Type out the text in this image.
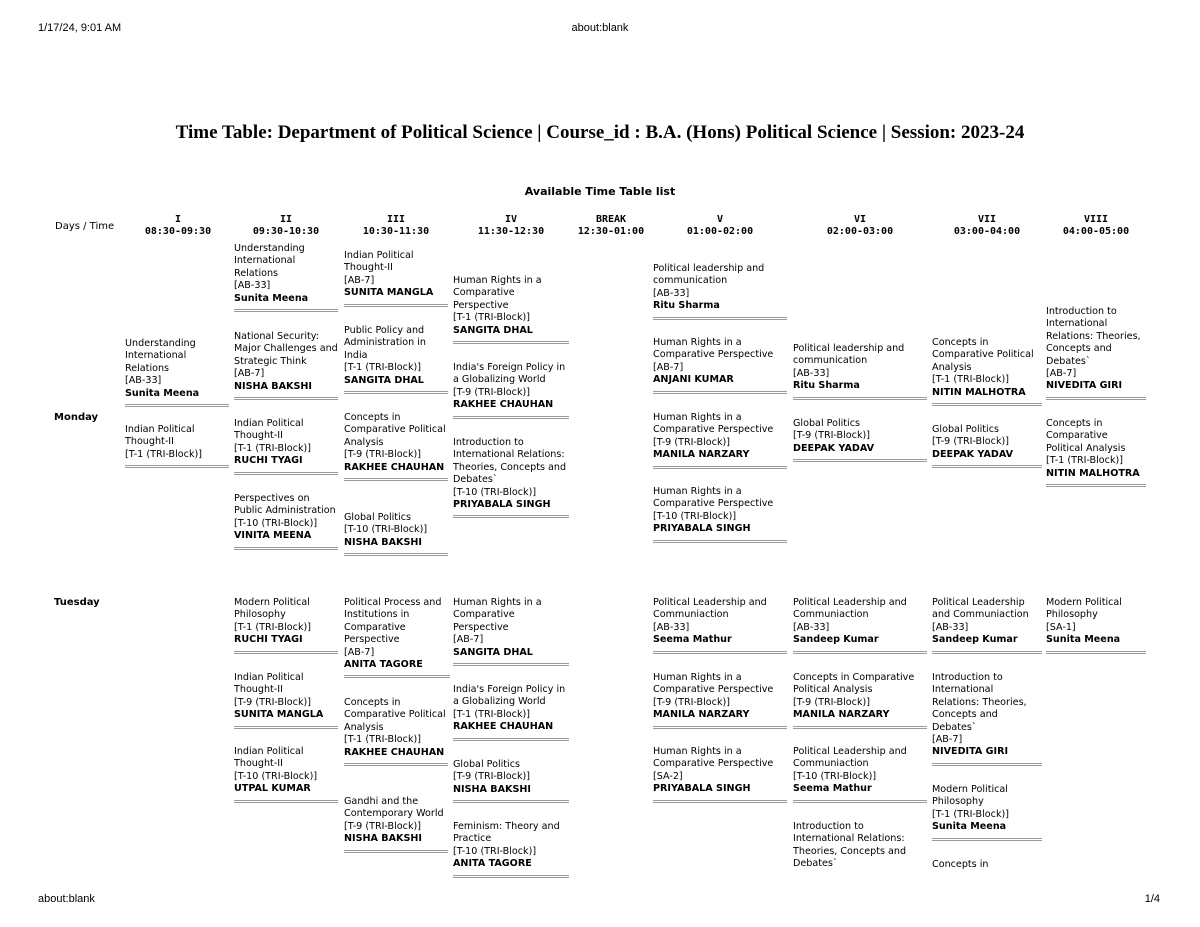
1/17/24, 9:01 AM	about:blank
Time Table: Department of Political Science | Course_id : B.A. (Hons) Political Science | Session: 2023-24
Available Time Table list
Days / Time
I
08:30-09:30
II
09:30-10:30
III
10:30-11:30
IV
11:30-12:30
BREAK
12:30-01:00
V
01:00-02:00
VI
02:00-03:00
VII
03:00-04:00
VIII
04:00-05:00
Monday
Tuesday
Understanding International Relations
[AB-33]
Sunita Meena
Indian Political Thought-II
[T-1 (TRI-Block)]
Understanding International Relations
[AB-33]
Sunita Meena
National Security: Major Challenges and Strategic Think
[AB-7]
NISHA BAKSHI
Indian Political Thought-II
[T-1 (TRI-Block)]
RUCHI TYAGI
Perspectives on Public Administration
[T-10 (TRI-Block)]
VINITA MEENA
Indian Political Thought-II
[AB-7]
SUNITA MANGLA
Public Policy and Administration in India
[T-1 (TRI-Block)]
SANGITA DHAL
Concepts in Comparative Political Analysis
[T-9 (TRI-Block)]
RAKHEE CHAUHAN
Global Politics
[T-10 (TRI-Block)]
NISHA BAKSHI
Human Rights in a Comparative Perspective
[T-1 (TRI-Block)]
SANGITA DHAL
India's Foreign Policy in a Globalizing World
[T-9 (TRI-Block)]
RAKHEE CHAUHAN
Introduction to International Relations: Theories, Concepts and Debates`
[T-10 (TRI-Block)]
PRIYABALA SINGH
Political leadership and communication
[AB-33]
Ritu Sharma
Human Rights in a Comparative Perspective
[AB-7]
ANJANI KUMAR
Human Rights in a Comparative Perspective
[T-9 (TRI-Block)]
MANILA NARZARY
Human Rights in a Comparative Perspective
[T-10 (TRI-Block)]
PRIYABALA SINGH
Political leadership and communication
[AB-33]
Ritu Sharma
Global Politics
[T-9 (TRI-Block)]
DEEPAK YADAV
Concepts in Comparative Political Analysis
[T-1 (TRI-Block)]
NITIN MALHOTRA
Global Politics
[T-9 (TRI-Block)]
DEEPAK YADAV
Introduction to International Relations: Theories, Concepts and Debates`
[AB-7]
NIVEDITA GIRI
Concepts in Comparative Political Analysis
[T-1 (TRI-Block)]
NITIN MALHOTRA
Modern Political Philosophy
[T-1 (TRI-Block)]
RUCHI TYAGI
Indian Political Thought-II
[T-9 (TRI-Block)]
SUNITA MANGLA
Indian Political Thought-II
[T-10 (TRI-Block)]
UTPAL KUMAR
Political Process and Institutions in Comparative Perspective
[AB-7]
ANITA TAGORE
Concepts in Comparative Political Analysis
[T-1 (TRI-Block)]
RAKHEE CHAUHAN
Gandhi and the Contemporary World
[T-9 (TRI-Block)]
NISHA BAKSHI
Human Rights in a Comparative Perspective
[AB-7]
SANGITA DHAL
India's Foreign Policy in a Globalizing World
[T-1 (TRI-Block)]
RAKHEE CHAUHAN
Global Politics
[T-9 (TRI-Block)]
NISHA BAKSHI
Feminism: Theory and Practice
[T-10 (TRI-Block)]
ANITA TAGORE
Political Leadership and Communiaction
[AB-33]
Seema Mathur
Human Rights in a Comparative Perspective
[T-9 (TRI-Block)]
MANILA NARZARY
Human Rights in a Comparative Perspective
[SA-2]
PRIYABALA SINGH
Political Leadership and Communiaction
[AB-33]
Sandeep Kumar
Concepts in Comparative Political Analysis
[T-9 (TRI-Block)]
MANILA NARZARY
Political Leadership and Communiaction
[T-10 (TRI-Block)]
Seema Mathur
Introduction to International Relations: Theories, Concepts and Debates`
Political Leadership and Communiaction
[AB-33]
Sandeep Kumar
Introduction to International Relations: Theories, Concepts and Debates`
[AB-7]
NIVEDITA GIRI
Modern Political Philosophy
[T-1 (TRI-Block)]
Sunita Meena
Concepts in
Modern Political Philosophy
[SA-1]
Sunita Meena
about:blank	1/4
